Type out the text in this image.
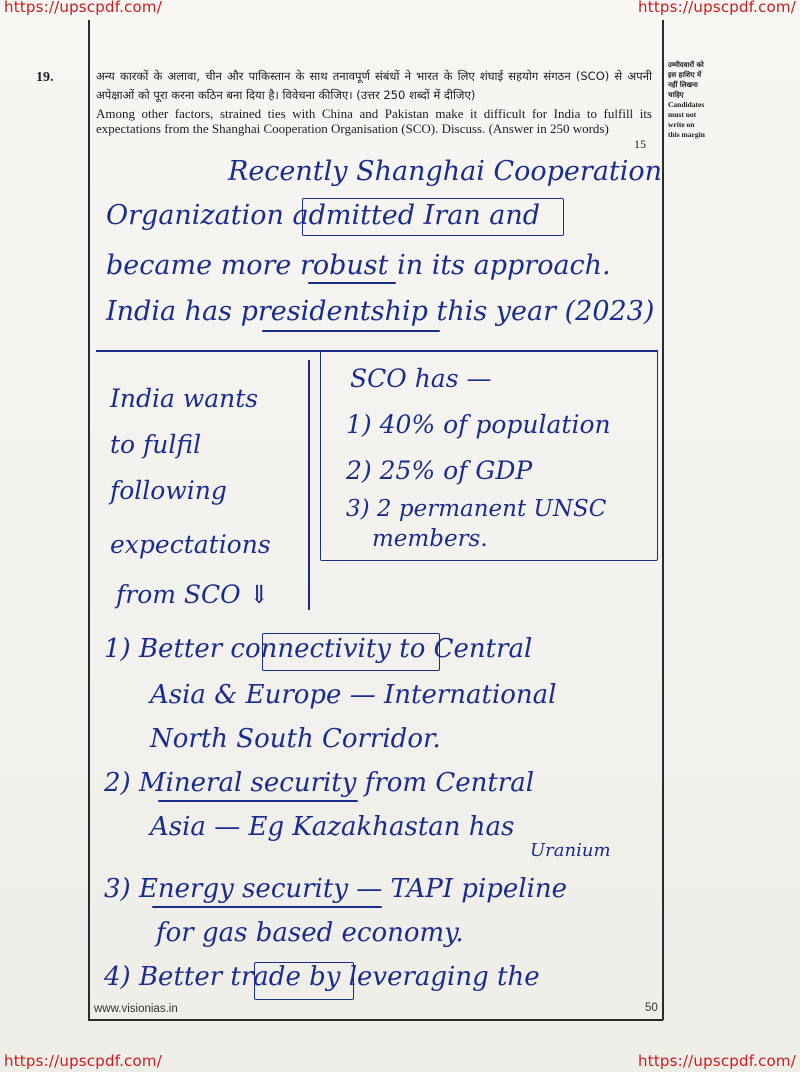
https://upscpdf.com/	https://upscpdf.com/
https://upscpdf.com/	https://upscpdf.com/
19.	अन्य कारकों के अलावा, चीन और पाकिस्तान के साथ तनावपूर्ण संबंधों ने भारत के लिए शंघाई सहयोग संगठन (SCO) से अपनी अपेक्षाओं को पूरा करना कठिन बना दिया है। विवेचना कीजिए। (उत्तर 250 शब्दों में दीजिए)
Among other factors, strained ties with China and Pakistan make it difficult for India to fulfill its expectations from the Shanghai Cooperation Organisation (SCO). Discuss. (Answer in 250 words)
15
उम्मीदवारों को
इस हाशिए में
नहीं लिखना
चाहिए
Candidates
must not
write on
this margin
Recently Shanghai Cooperation
Organization admitted Iran and
became more robust in its approach.
India has presidentship this year (2023)
India wants
to fulfil
following
expectations
from SCO ⇓
SCO has —
1) 40% of population
2) 25% of GDP
3) 2 permanent UNSC
members.
1) Better connectivity to Central
Asia & Europe — International
North South Corridor.
2) Mineral security from Central
Asia — Eg Kazakhastan has
Uranium
3) Energy security — TAPI pipeline
for gas based economy.
4) Better trade by leveraging the
www.visionias.in	50
